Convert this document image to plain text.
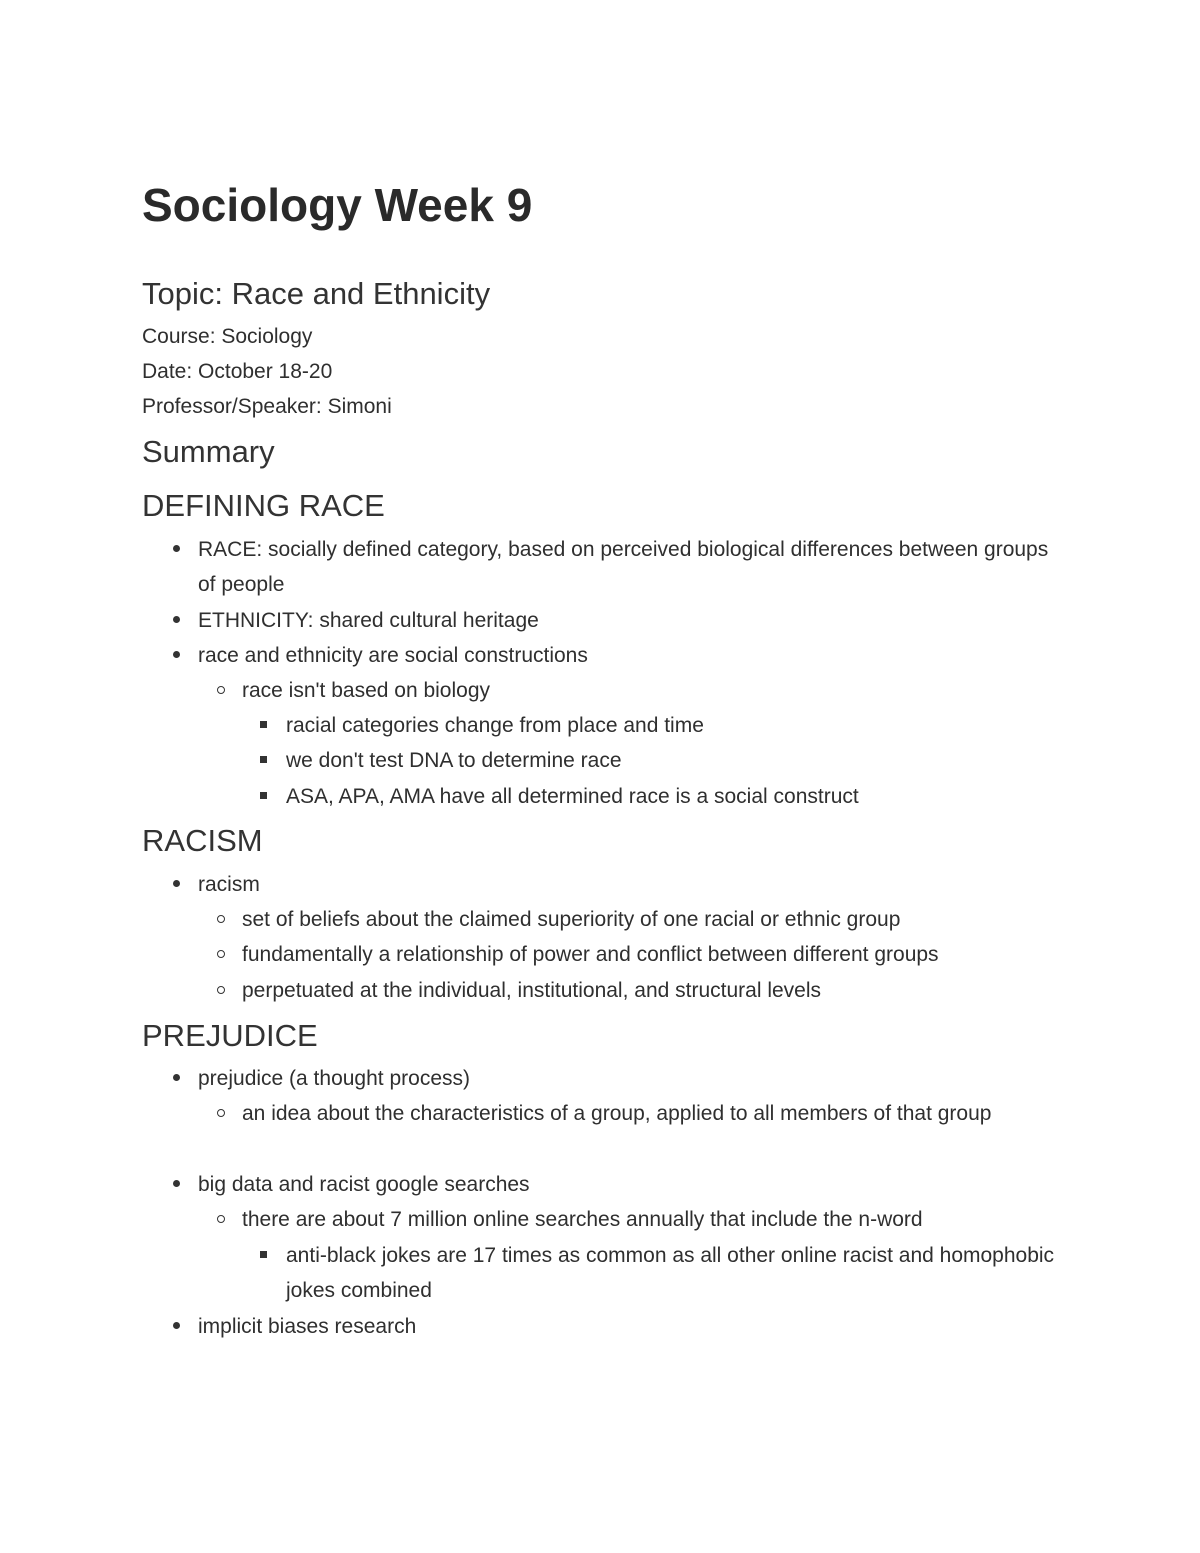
Sociology Week 9
Topic: Race and Ethnicity

Course: Sociology

Date: October 18-20

Professor/Speaker: Simoni

Summary
DEFINING RACE
RACE: socially defined category, based on perceived biological differences between groups of people
ETHNICITY: shared cultural heritage
race and ethnicity are social constructions
race isn't based on biology
racial categories change from place and time
we don't test DNA to determine race
ASA, APA, AMA have all determined race is a social construct
RACISM
racism
set of beliefs about the claimed superiority of one racial or ethnic group
fundamentally a relationship of power and conflict between different groups
perpetuated at the individual, institutional, and structural levels
PREJUDICE
prejudice (a thought process)
an idea about the characteristics of a group, applied to all members of that group
big data and racist google searches
there are about 7 million online searches annually that include the n-word
anti-black jokes are 17 times as common as all other online racist and homophobic jokes combined
implicit biases research
